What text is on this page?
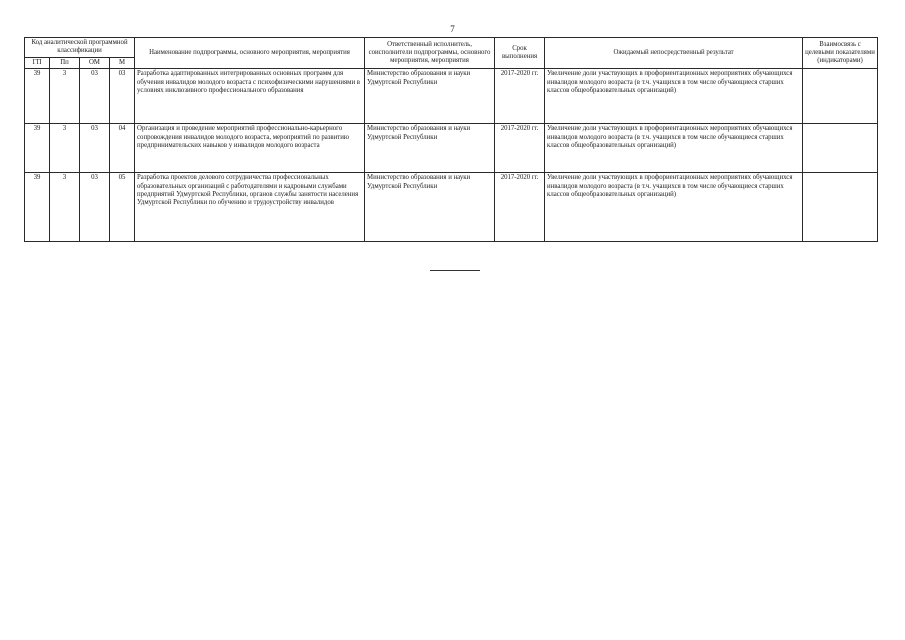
7
Код аналитической программной классификации				Наименование подпрограммы, основного мероприятия, мероприятия	Ответственный исполнитель, соисполнители подпрограммы, основного мероприятия, мероприятия	Срок выполнения	Ожидаемый непосредственный результат	Взаимосвязь с целевыми показателями (индикаторами)
ГП	Пп	ОМ	М					
39	3	03	03	Разработка адаптированных интегрированных основных программ для обучения инвалидов молодого возраста с психофизическими нарушениями в условиях инклюзивного профессионального образования	Министерство образования и науки Удмуртской Республики	2017-2020 гг.	Увеличение доли участвующих в профориентационных мероприятиях обучающихся инвалидов молодого возраста (в т.ч. учащихся в том числе обучающиеся старших классов общеобразовательных организаций)	
39	3	03	04	Организация и проведение мероприятий профессионально-карьерного сопровождения инвалидов молодого возраста, мероприятий по развитию предпринимательских навыков у инвалидов молодого возраста	Министерство образования и науки Удмуртской Республики	2017-2020 гг.	Увеличение доли участвующих в профориентационных мероприятиях обучающихся инвалидов молодого возраста (в т.ч. учащихся в том числе обучающиеся старших классов общеобразовательных организаций)	
39	3	03	05	Разработка проектов делового сотрудничества профессиональных образовательных организаций с работодателями и кадровыми службами предприятий Удмуртской Республики, органов службы занятости населения Удмуртской Республики по обучению и трудоустройству инвалидов	Министерство образования и науки Удмуртской Республики	2017-2020 гг.	Увеличение доли участвующих в профориентационных мероприятиях обучающихся инвалидов молодого возраста (в т.ч. учащихся в том числе обучающиеся старших классов общеобразовательных организаций)	
